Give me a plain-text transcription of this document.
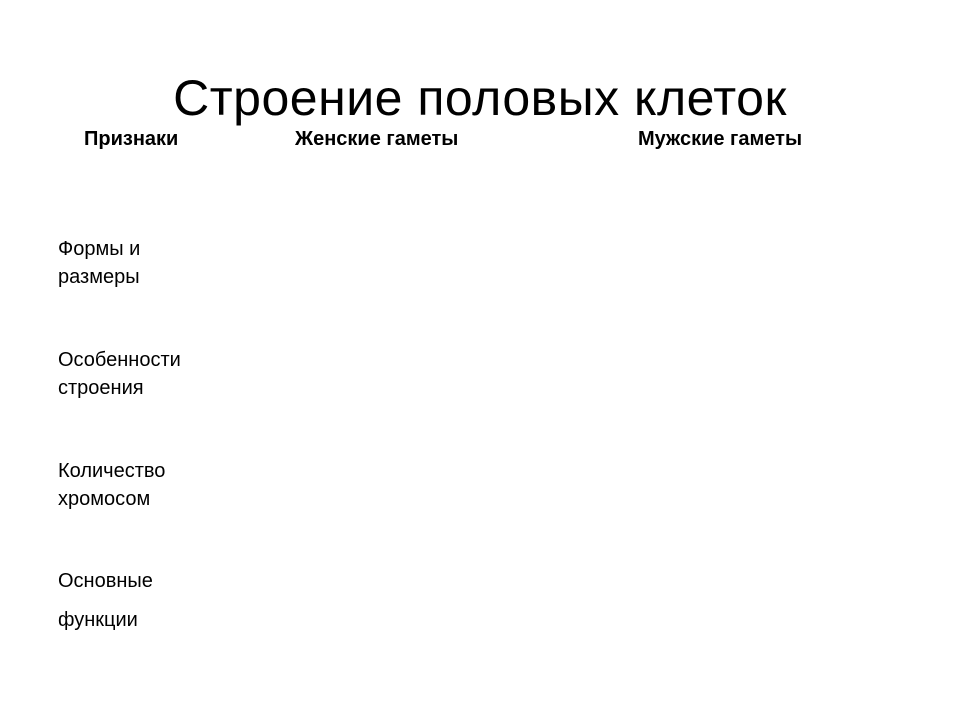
Строение половых клеток
Признаки	Женские гаметы	Мужские гаметы
Формы и
размеры
Особенности
строения
Количество
хромосом
Основные
функции
